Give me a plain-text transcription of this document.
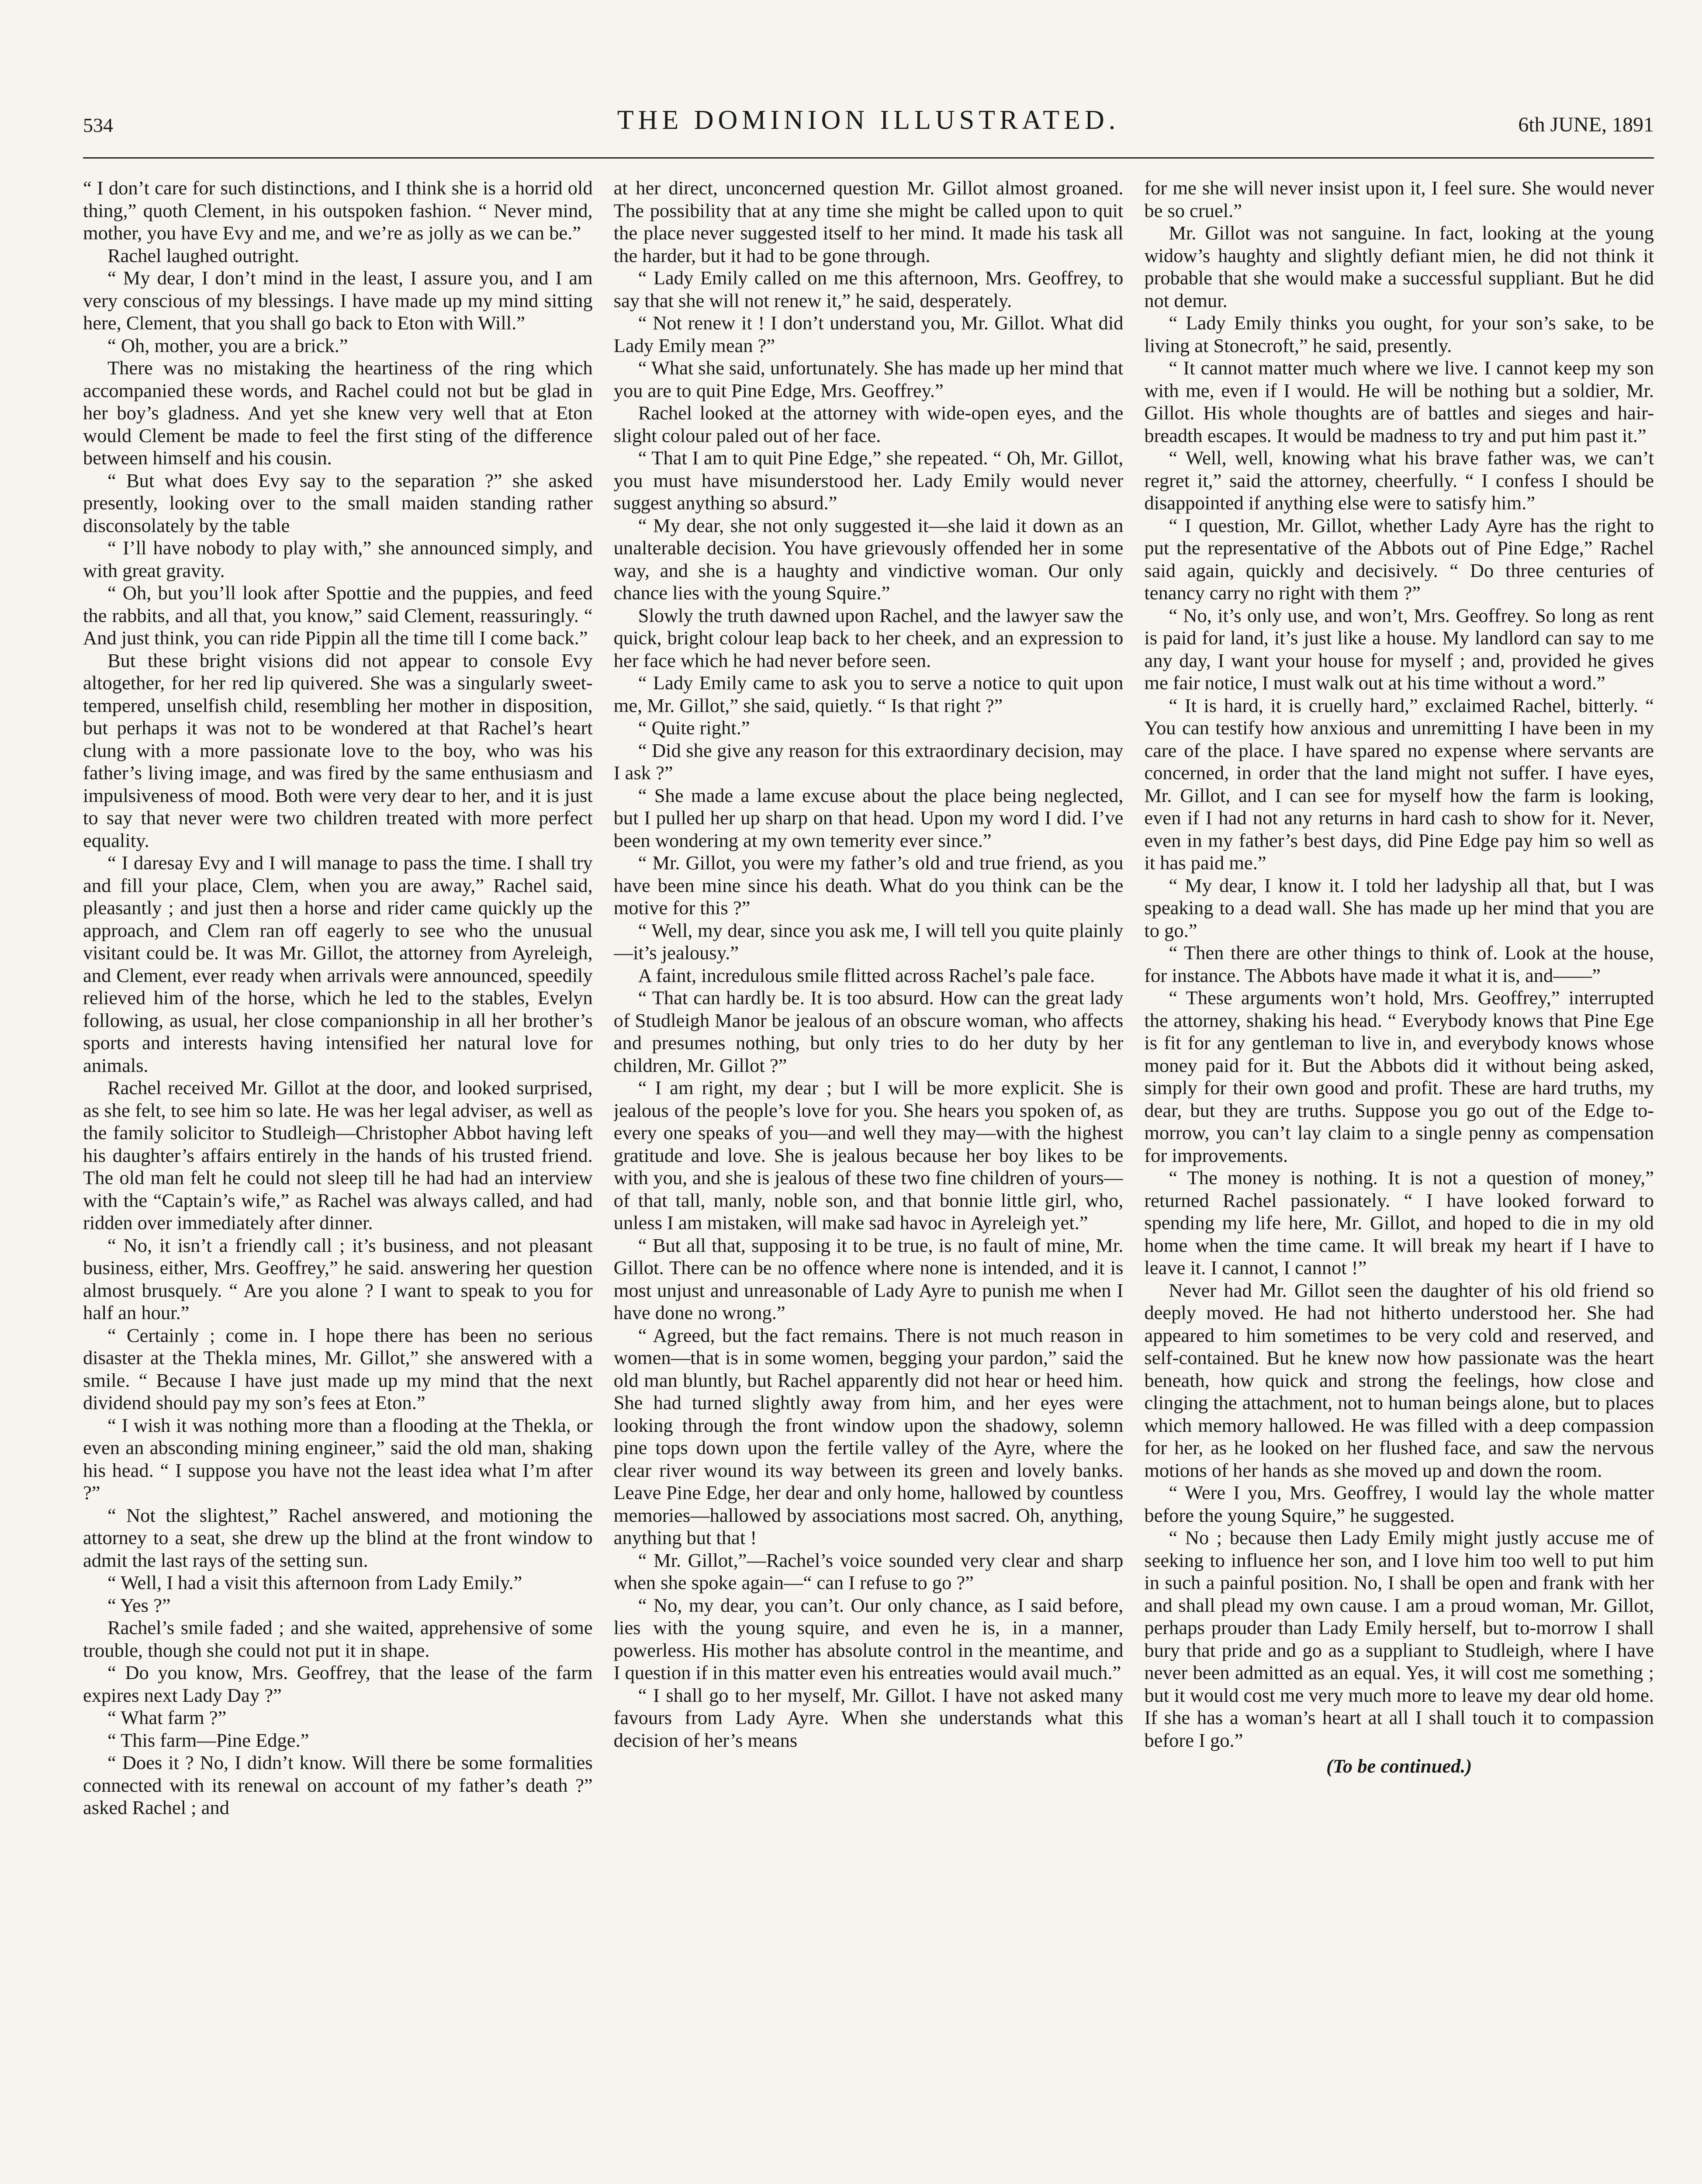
534	THE DOMINION ILLUSTRATED.	6th JUNE, 1891

“ I don’t care for such distinctions, and I think she is a horrid old thing,” quoth Clement, in his outspoken fashion. “ Never mind, mother, you have Evy and me, and we’re as jolly as we can be.”

Rachel laughed outright.

“ My dear, I don’t mind in the least, I assure you, and I am very conscious of my blessings. I have made up my mind sitting here, Clement, that you shall go back to Eton with Will.”

“ Oh, mother, you are a brick.”

There was no mistaking the heartiness of the ring which accompanied these words, and Rachel could not but be glad in her boy’s gladness. And yet she knew very well that at Eton would Clement be made to feel the first sting of the difference between himself and his cousin.

“ But what does Evy say to the separation ?” she asked presently, looking over to the small maiden standing rather disconsolately by the table

“ I’ll have nobody to play with,” she announced simply, and with great gravity.

“ Oh, but you’ll look after Spottie and the puppies, and feed the rabbits, and all that, you know,” said Clement, reassuringly. “ And just think, you can ride Pippin all the time till I come back.”

But these bright visions did not appear to console Evy altogether, for her red lip quivered. She was a singularly sweet-tempered, unselfish child, resembling her mother in disposition, but perhaps it was not to be wondered at that Rachel’s heart clung with a more passionate love to the boy, who was his father’s living image, and was fired by the same enthusiasm and impulsiveness of mood. Both were very dear to her, and it is just to say that never were two children treated with more perfect equality.

“ I daresay Evy and I will manage to pass the time. I shall try and fill your place, Clem, when you are away,” Rachel said, pleasantly ; and just then a horse and rider came quickly up the approach, and Clem ran off eagerly to see who the unusual visitant could be. It was Mr. Gillot, the attorney from Ayreleigh, and Clement, ever ready when arrivals were announced, speedily relieved him of the horse, which he led to the stables, Evelyn following, as usual, her close companionship in all her brother’s sports and interests having intensified her natural love for animals.

Rachel received Mr. Gillot at the door, and looked surprised, as she felt, to see him so late. He was her legal adviser, as well as the family solicitor to Studleigh—Christopher Abbot having left his daughter’s affairs entirely in the hands of his trusted friend. The old man felt he could not sleep till he had had an interview with the “Captain’s wife,” as Rachel was always called, and had ridden over immediately after dinner.

“ No, it isn’t a friendly call ; it’s business, and not pleasant business, either, Mrs. Geoffrey,” he said. answering her question almost brusquely. “ Are you alone ? I want to speak to you for half an hour.”

“ Certainly ; come in. I hope there has been no serious disaster at the Thekla mines, Mr. Gillot,” she answered with a smile. “ Because I have just made up my mind that the next dividend should pay my son’s fees at Eton.”

“ I wish it was nothing more than a flooding at the Thekla, or even an absconding mining engineer,” said the old man, shaking his head. “ I suppose you have not the least idea what I’m after ?”

“ Not the slightest,” Rachel answered, and motioning the attorney to a seat, she drew up the blind at the front window to admit the last rays of the setting sun.

“ Well, I had a visit this afternoon from Lady Emily.”

“ Yes ?”

Rachel’s smile faded ; and she waited, apprehensive of some trouble, though she could not put it in shape.

“ Do you know, Mrs. Geoffrey, that the lease of the farm expires next Lady Day ?”

“ What farm ?”

“ This farm—Pine Edge.”

“ Does it ? No, I didn’t know. Will there be some formalities connected with its renewal on account of my father’s death ?” asked Rachel ; and

at her direct, unconcerned question Mr. Gillot almost groaned. The possibility that at any time she might be called upon to quit the place never suggested itself to her mind. It made his task all the harder, but it had to be gone through.

“ Lady Emily called on me this afternoon, Mrs. Geoffrey, to say that she will not renew it,” he said, desperately.

“ Not renew it ! I don’t understand you, Mr. Gillot. What did Lady Emily mean ?”

“ What she said, unfortunately. She has made up her mind that you are to quit Pine Edge, Mrs. Geoffrey.”

Rachel looked at the attorney with wide-open eyes, and the slight colour paled out of her face.

“ That I am to quit Pine Edge,” she repeated. “ Oh, Mr. Gillot, you must have misunderstood her. Lady Emily would never suggest anything so absurd.”

“ My dear, she not only suggested it—she laid it down as an unalterable decision. You have grievously offended her in some way, and she is a haughty and vindictive woman. Our only chance lies with the young Squire.”

Slowly the truth dawned upon Rachel, and the lawyer saw the quick, bright colour leap back to her cheek, and an expression to her face which he had never before seen.

“ Lady Emily came to ask you to serve a notice to quit upon me, Mr. Gillot,” she said, quietly. “ Is that right ?”

“ Quite right.”

“ Did she give any reason for this extraordinary decision, may I ask ?”

“ She made a lame excuse about the place being neglected, but I pulled her up sharp on that head. Upon my word I did. I’ve been wondering at my own temerity ever since.”

“ Mr. Gillot, you were my father’s old and true friend, as you have been mine since his death. What do you think can be the motive for this ?”

“ Well, my dear, since you ask me, I will tell you quite plainly—it’s jealousy.”

A faint, incredulous smile flitted across Rachel’s pale face.

“ That can hardly be. It is too absurd. How can the great lady of Studleigh Manor be jealous of an obscure woman, who affects and presumes nothing, but only tries to do her duty by her children, Mr. Gillot ?”

“ I am right, my dear ; but I will be more explicit. She is jealous of the people’s love for you. She hears you spoken of, as every one speaks of you—and well they may—with the highest gratitude and love. She is jealous because her boy likes to be with you, and she is jealous of these two fine children of yours—of that tall, manly, noble son, and that bonnie little girl, who, unless I am mistaken, will make sad havoc in Ayreleigh yet.”

“ But all that, supposing it to be true, is no fault of mine, Mr. Gillot. There can be no offence where none is intended, and it is most unjust and unreasonable of Lady Ayre to punish me when I have done no wrong.”

“ Agreed, but the fact remains. There is not much reason in women—that is in some women, begging your pardon,” said the old man bluntly, but Rachel apparently did not hear or heed him. She had turned slightly away from him, and her eyes were looking through the front window upon the shadowy, solemn pine tops down upon the fertile valley of the Ayre, where the clear river wound its way between its green and lovely banks. Leave Pine Edge, her dear and only home, hallowed by countless memories—hallowed by associations most sacred. Oh, anything, anything but that !

“ Mr. Gillot,”—Rachel’s voice sounded very clear and sharp when she spoke again—“ can I refuse to go ?”

“ No, my dear, you can’t. Our only chance, as I said before, lies with the young squire, and even he is, in a manner, powerless. His mother has absolute control in the meantime, and I question if in this matter even his entreaties would avail much.”

“ I shall go to her myself, Mr. Gillot. I have not asked many favours from Lady Ayre. When she understands what this decision of her’s means

for me she will never insist upon it, I feel sure. She would never be so cruel.”

Mr. Gillot was not sanguine. In fact, looking at the young widow’s haughty and slightly defiant mien, he did not think it probable that she would make a successful suppliant. But he did not demur.

“ Lady Emily thinks you ought, for your son’s sake, to be living at Stonecroft,” he said, presently.

“ It cannot matter much where we live. I cannot keep my son with me, even if I would. He will be nothing but a soldier, Mr. Gillot. His whole thoughts are of battles and sieges and hair-breadth escapes. It would be madness to try and put him past it.”

“ Well, well, knowing what his brave father was, we can’t regret it,” said the attorney, cheerfully. “ I confess I should be disappointed if anything else were to satisfy him.”

“ I question, Mr. Gillot, whether Lady Ayre has the right to put the representative of the Abbots out of Pine Edge,” Rachel said again, quickly and decisively. “ Do three centuries of tenancy carry no right with them ?”

“ No, it’s only use, and won’t, Mrs. Geoffrey. So long as rent is paid for land, it’s just like a house. My landlord can say to me any day, I want your house for myself ; and, provided he gives me fair notice, I must walk out at his time without a word.”

“ It is hard, it is cruelly hard,” exclaimed Rachel, bitterly. “ You can testify how anxious and unremitting I have been in my care of the place. I have spared no expense where servants are concerned, in order that the land might not suffer. I have eyes, Mr. Gillot, and I can see for myself how the farm is looking, even if I had not any returns in hard cash to show for it. Never, even in my father’s best days, did Pine Edge pay him so well as it has paid me.”

“ My dear, I know it. I told her ladyship all that, but I was speaking to a dead wall. She has made up her mind that you are to go.”

“ Then there are other things to think of. Look at the house, for instance. The Abbots have made it what it is, and——”

“ These arguments won’t hold, Mrs. Geoffrey,” interrupted the attorney, shaking his head. “ Everybody knows that Pine Ege is fit for any gentleman to live in, and everybody knows whose money paid for it. But the Abbots did it without being asked, simply for their own good and profit. These are hard truths, my dear, but they are truths. Suppose you go out of the Edge to-morrow, you can’t lay claim to a single penny as compensation for improvements.

“ The money is nothing. It is not a question of money,” returned Rachel passionately. “ I have looked forward to spending my life here, Mr. Gillot, and hoped to die in my old home when the time came. It will break my heart if I have to leave it. I cannot, I cannot !”

Never had Mr. Gillot seen the daughter of his old friend so deeply moved. He had not hitherto understood her. She had appeared to him sometimes to be very cold and reserved, and self-contained. But he knew now how passionate was the heart beneath, how quick and strong the feelings, how close and clinging the attachment, not to human beings alone, but to places which memory hallowed. He was filled with a deep compassion for her, as he looked on her flushed face, and saw the nervous motions of her hands as she moved up and down the room.

“ Were I you, Mrs. Geoffrey, I would lay the whole matter before the young Squire,” he suggested.

“ No ; because then Lady Emily might justly accuse me of seeking to influence her son, and I love him too well to put him in such a painful position. No, I shall be open and frank with her and shall plead my own cause. I am a proud woman, Mr. Gillot, perhaps prouder than Lady Emily herself, but to-morrow I shall bury that pride and go as a suppliant to Studleigh, where I have never been admitted as an equal. Yes, it will cost me something ; but it would cost me very much more to leave my dear old home. If she has a woman’s heart at all I shall touch it to compassion before I go.”

(To be continued.)
